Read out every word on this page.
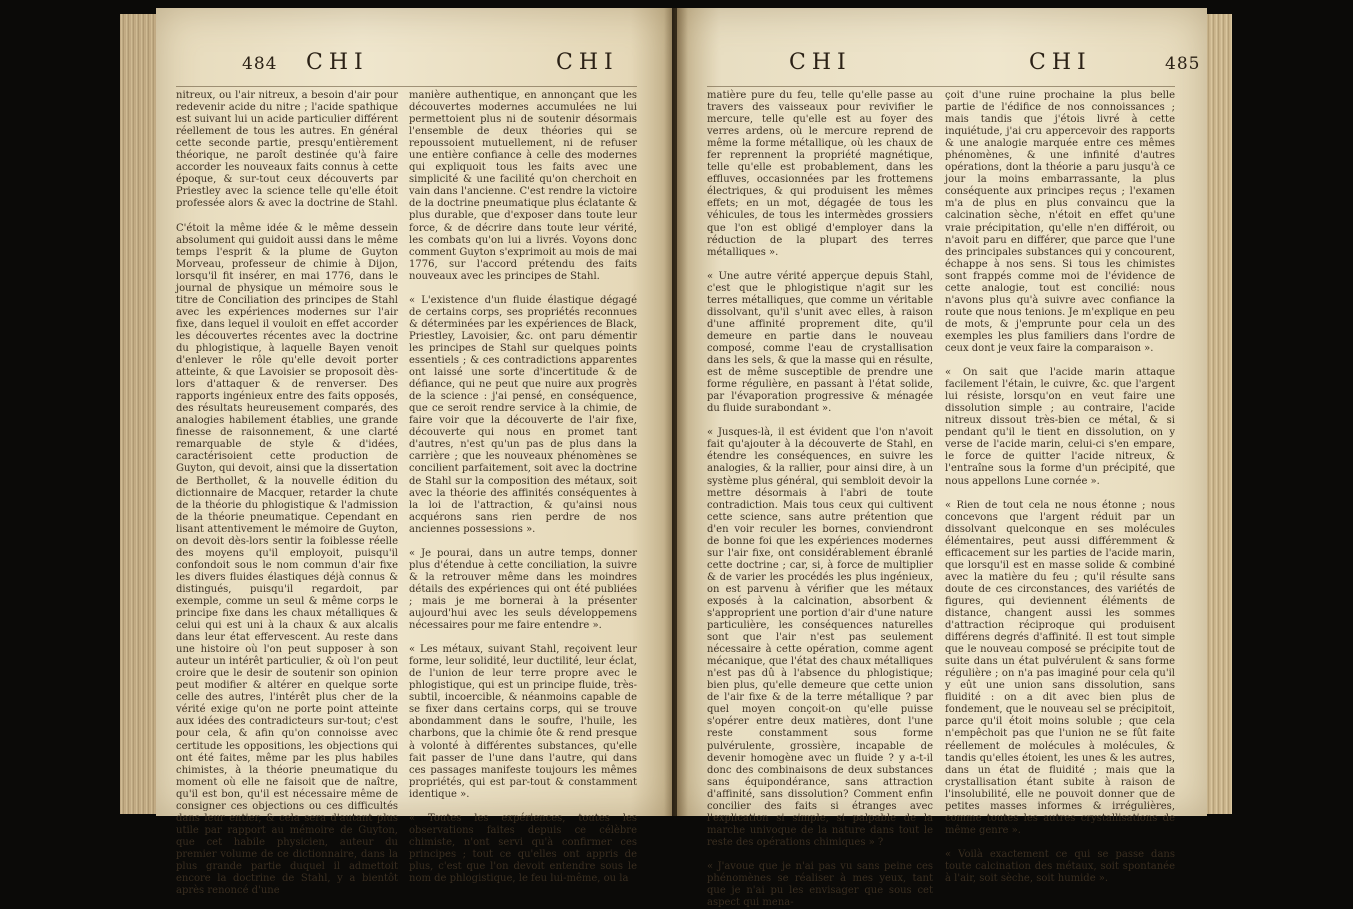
484 CHI	CHI
nitreux, ou l'air nitreux, a besoin d'air pour redevenir acide du nitre ; l'acide spathique est suivant lui un acide particulier différent réellement de tous les autres. En général cette seconde partie, presqu'entièrement théorique, ne paroît destinée qu'à faire accorder les nouveaux faits connus à cette époque, & sur-tout ceux découverts par Priestley avec la science telle qu'elle étoit professée alors & avec la doctrine de Stahl.

C'étoit la même idée & le même dessein absolument qui guidoit aussi dans le même temps l'esprit & la plume de Guyton Morveau, professeur de chimie à Dijon, lorsqu'il fit insérer, en mai 1776, dans le journal de physique un mémoire sous le titre de Conciliation des principes de Stahl avec les expériences modernes sur l'air fixe, dans lequel il vouloit en effet accorder les découvertes récentes avec la doctrine du phlogistique, à laquelle Bayen venoit d'enlever le rôle qu'elle devoit porter atteinte, & que Lavoisier se proposoit dès-lors d'attaquer & de renverser. Des rapports ingénieux entre des faits opposés, des résultats heureusement comparés, des analogies habilement établies, une grande finesse de raisonnement, & une clarté remarquable de style & d'idées, caractérisoient cette production de Guyton, qui devoit, ainsi que la dissertation de Berthollet, & la nouvelle édition du dictionnaire de Macquer, retarder la chute de la théorie du phlogistique & l'admission de la théorie pneumatique. Cependant en lisant attentivement le mémoire de Guyton, on devoit dès-lors sentir la foiblesse réelle des moyens qu'il employoit, puisqu'il confondoit sous le nom commun d'air fixe les divers fluides élastiques déjà connus & distingués, puisqu'il regardoit, par exemple, comme un seul & même corps le principe fixe dans les chaux métalliques & celui qui est uni à la chaux & aux alcalis dans leur état effervescent. Au reste dans une histoire où l'on peut supposer à son auteur un intérêt particulier, & où l'on peut croire que le desir de soutenir son opinion peut modifier & altérer en quelque sorte celle des autres, l'intérêt plus cher de la vérité exige qu'on ne porte point atteinte aux idées des contradicteurs sur-tout; c'est pour cela, & afin qu'on connoisse avec certitude les oppositions, les objections qui ont été faites, même par les plus habiles chimistes, à la théorie pneumatique du moment où elle ne faisoit que de naître, qu'il est bon, qu'il est nécessaire même de consigner ces objections ou ces difficultés dans leur entier, & cela sera d'autant plus utile par rapport au mémoire de Guyton, que cet habile physicien, auteur du premier volume de ce dictionnaire, dans la plus grande partie duquel il admettoit encore la doctrine de Stahl, y a bientôt après renoncé d'une
manière authentique, en annonçant que les découvertes modernes accumulées ne lui permettoient plus ni de soutenir désormais l'ensemble de deux théories qui se repoussoient mutuellement, ni de refuser une entière confiance à celle des modernes qui expliquoit tous les faits avec une simplicité & une facilité qu'on cherchoit en vain dans l'ancienne. C'est rendre la victoire de la doctrine pneumatique plus éclatante & plus durable, que d'exposer dans toute leur force, & de décrire dans toute leur vérité, les combats qu'on lui a livrés. Voyons donc comment Guyton s'exprimoit au mois de mai 1776, sur l'accord prétendu des faits nouveaux avec les principes de Stahl.

« L'existence d'un fluide élastique dégagé de certains corps, ses propriétés reconnues & déterminées par les expériences de Black, Priestley, Lavoisier, &c. ont paru démentir les principes de Stahl sur quelques points essentiels ; & ces contradictions apparentes ont laissé une sorte d'incertitude & de défiance, qui ne peut que nuire aux progrès de la science : j'ai pensé, en conséquence, que ce seroit rendre service à la chimie, de faire voir que la découverte de l'air fixe, découverte qui nous en promet tant d'autres, n'est qu'un pas de plus dans la carrière ; que les nouveaux phénomènes se concilient parfaitement, soit avec la doctrine de Stahl sur la composition des métaux, soit avec la théorie des affinités conséquentes à la loi de l'attraction, & qu'ainsi nous acquérons sans rien perdre de nos anciennes possessions ».

« Je pourai, dans un autre temps, donner plus d'étendue à cette conciliation, la suivre & la retrouver même dans les moindres détails des expériences qui ont été publiées ; mais je me bornerai à la présenter aujourd'hui avec les seuls développemens nécessaires pour me faire entendre ».

« Les métaux, suivant Stahl, reçoivent leur forme, leur solidité, leur ductilité, leur éclat, de l'union de leur terre propre avec le phlogistique, qui est un principe fluide, très-subtil, incoercible, & néanmoins capable de se fixer dans certains corps, qui se trouve abondamment dans le soufre, l'huile, les charbons, que la chimie ôte & rend presque à volonté à différentes substances, qu'elle fait passer de l'une dans l'autre, qui dans ces passages manifeste toujours les mêmes propriétés, qui est par-tout & constamment identique ».

« Toutes les expériences, toutes les observations faites depuis ce célèbre chimiste, n'ont servi qu'à confirmer ces principes ; tout ce qu'elles ont appris de plus, c'est que l'on devoit entendre sous le nom de phlogistique, le feu lui-même, ou la
CHI	CHI	485
matière pure du feu, telle qu'elle passe au travers des vaisseaux pour revivifier le mercure, telle qu'elle est au foyer des verres ardens, où le mercure reprend de même la forme métallique, où les chaux de fer reprennent la propriété magnétique, telle qu'elle est probablement, dans les effluves, occasionnées par les frottemens électriques, & qui produisent les mêmes effets; en un mot, dégagée de tous les véhicules, de tous les intermèdes grossiers que l'on est obligé d'employer dans la réduction de la plupart des terres métalliques ».

« Une autre vérité apperçue depuis Stahl, c'est que le phlogistique n'agit sur les terres métalliques, que comme un véritable dissolvant, qu'il s'unit avec elles, à raison d'une affinité proprement dite, qu'il demeure en partie dans le nouveau composé, comme l'eau de crystallisation dans les sels, & que la masse qui en résulte, est de même susceptible de prendre une forme régulière, en passant à l'état solide, par l'évaporation progressive & ménagée du fluide surabondant ».

« Jusques-là, il est évident que l'on n'avoit fait qu'ajouter à la découverte de Stahl, en étendre les conséquences, en suivre les analogies, & la rallier, pour ainsi dire, à un système plus général, qui sembloit devoir la mettre désormais à l'abri de toute contradiction. Mais tous ceux qui cultivent cette science, sans autre prétention que d'en voir reculer les bornes, conviendront de bonne foi que les expériences modernes sur l'air fixe, ont considérablement ébranlé cette doctrine ; car, si, à force de multiplier & de varier les procédés les plus ingénieux, on est parvenu à vérifier que les métaux exposés à la calcination, absorbent & s'approprient une portion d'air d'une nature particulière, les conséquences naturelles sont que l'air n'est pas seulement nécessaire à cette opération, comme agent mécanique, que l'état des chaux métalliques n'est pas dû à l'absence du phlogistique; bien plus, qu'elle demeure que cette union de l'air fixe & de la terre métallique ? par quel moyen conçoit-on qu'elle puisse s'opérer entre deux matières, dont l'une reste constamment sous forme pulvérulente, grossière, incapable de devenir homogène avec un fluide ? y a-t-il donc des combinaisons de deux substances sans équipondérance, sans attraction d'affinité, sans dissolution? Comment enfin concilier des faits si étranges avec l'explication si simple, si palpable de la marche univoque de la nature dans tout le reste des opérations chimiques » ?

« J'avoue que je n'ai pas vu sans peine ces phénomènes se réaliser à mes yeux, tant que je n'ai pu les envisager que sous cet aspect qui mena-
çoit d'une ruine prochaine la plus belle partie de l'édifice de nos connoissances ; mais tandis que j'étois livré à cette inquiétude, j'ai cru appercevoir des rapports & une analogie marquée entre ces mêmes phénomènes, & une infinité d'autres opérations, dont la théorie a paru jusqu'à ce jour la moins embarrassante, la plus conséquente aux principes reçus ; l'examen m'a de plus en plus convaincu que la calcination sèche, n'étoit en effet qu'une vraie précipitation, qu'elle n'en différoit, ou n'avoit paru en différer, que parce que l'une des principales substances qui y concourent, échappe à nos sens. Si tous les chimistes sont frappés comme moi de l'évidence de cette analogie, tout est concilié: nous n'avons plus qu'à suivre avec confiance la route que nous tenions. Je m'explique en peu de mots, & j'emprunte pour cela un des exemples les plus familiers dans l'ordre de ceux dont je veux faire la comparaison ».

« On sait que l'acide marin attaque facilement l'étain, le cuivre, &c. que l'argent lui résiste, lorsqu'on en veut faire une dissolution simple ; au contraire, l'acide nitreux dissout très-bien ce métal, & si pendant qu'il le tient en dissolution, on y verse de l'acide marin, celui-ci s'en empare, le force de quitter l'acide nitreux, & l'entraîne sous la forme d'un précipité, que nous appellons Lune cornée ».

« Rien de tout cela ne nous étonne ; nous concevons que l'argent réduit par un dissolvant quelconque en ses molécules élémentaires, peut aussi différemment & efficacement sur les parties de l'acide marin, que lorsqu'il est en masse solide & combiné avec la matière du feu ; qu'il résulte sans doute de ces circonstances, des variétés de figures, qui deviennent éléments de distance, changent aussi les sommes d'attraction réciproque qui produisent différens degrés d'affinité. Il est tout simple que le nouveau composé se précipite tout de suite dans un état pulvérulent & sans forme régulière ; on n'a pas imaginé pour cela qu'il y eût une union sans dissolution, sans fluidité : on a dit avec bien plus de fondement, que le nouveau sel se précipitoit, parce qu'il étoit moins soluble ; que cela n'empêchoit pas que l'union ne se fût faite réellement de molécules à molécules, & tandis qu'elles étoient, les unes & les autres, dans un état de fluidité ; mais que la crystallisation étant subite à raison de l'insolubilité, elle ne pouvoit donner que de petites masses informes & irrégulières, comme toutes les autres crystallisations de même genre ».

« Voilà exactement ce qui se passe dans toute calcination des métaux, soit spontanée à l'air, soit sèche, soit humide ».
